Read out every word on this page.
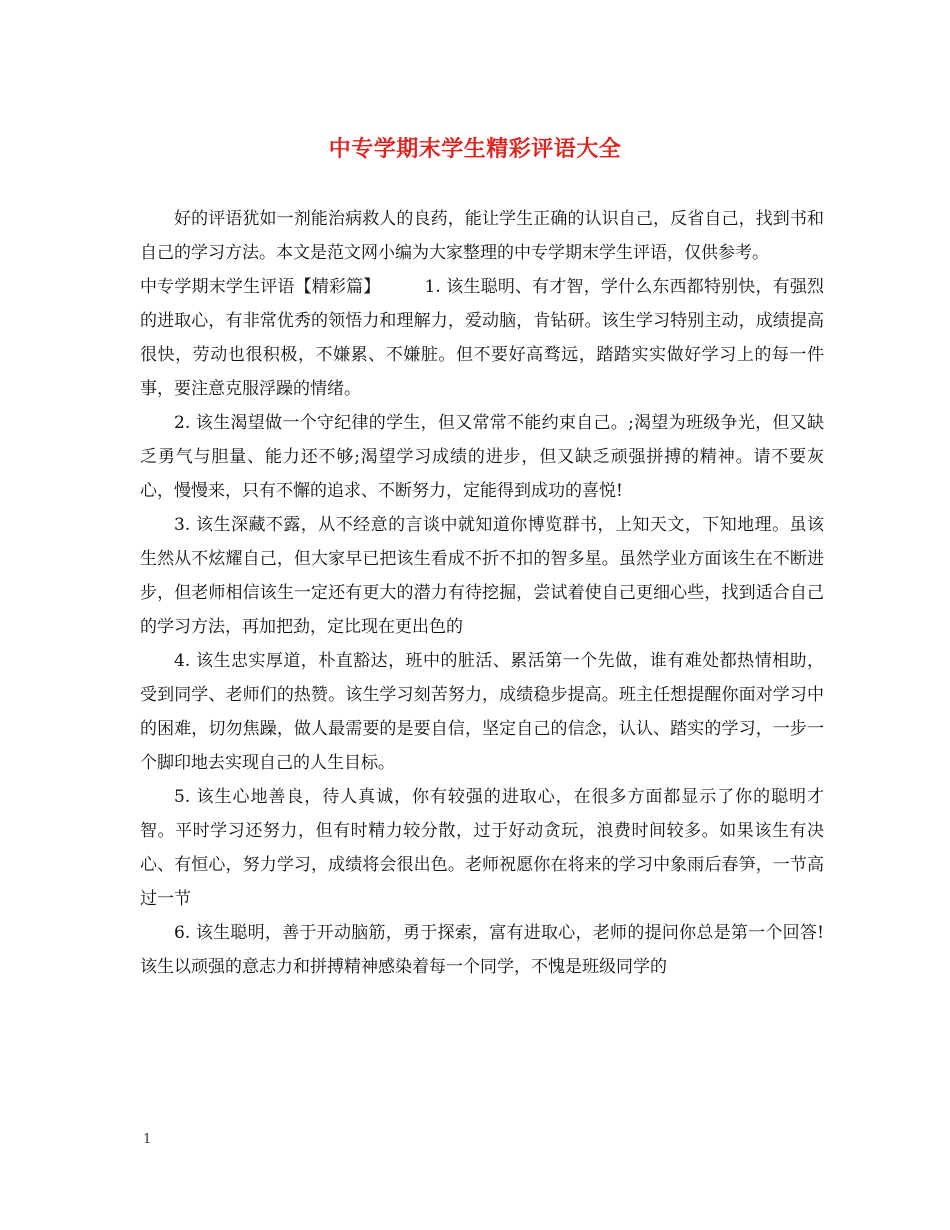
中专学期末学生精彩评语大全

好的评语犹如一剂能治病救人的良药，能让学生正确的认识自己，反省自己，找到书和自己的学习方法。本文是范文网小编为大家整理的中专学期末学生评语，仅供参考。

中专学期末学生评语【精彩篇】	1. 该生聪明、有才智，学什么东西都特别快，有强烈的进取心，有非常优秀的领悟力和理解力，爱动脑，肯钻研。该生学习特别主动，成绩提高很快，劳动也很积极，不嫌累、不嫌脏。但不要好高骛远，踏踏实实做好学习上的每一件事，要注意克服浮躁的情绪。

2. 该生渴望做一个守纪律的学生，但又常常不能约束自己。;渴望为班级争光，但又缺乏勇气与胆量、能力还不够;渴望学习成绩的进步，但又缺乏顽强拼搏的精神。请不要灰心，慢慢来，只有不懈的追求、不断努力，定能得到成功的喜悦!

3. 该生深藏不露，从不经意的言谈中就知道你博览群书，上知天文，下知地理。虽该生然从不炫耀自己，但大家早已把该生看成不折不扣的智多星。虽然学业方面该生在不断进步，但老师相信该生一定还有更大的潜力有待挖掘，尝试着使自己更细心些，找到适合自己的学习方法，再加把劲，定比现在更出色的

4. 该生忠实厚道，朴直豁达，班中的脏活、累活第一个先做，谁有难处都热情相助， 受到同学、老师们的热赞。该生学习刻苦努力，成绩稳步提高。班主任想提醒你面对学习中的困难，切勿焦躁，做人最需要的是要自信，坚定自己的信念，认认、踏实的学习，一步一个脚印地去实现自己的人生目标。

5. 该生心地善良，待人真诚，你有较强的进取心，在很多方面都显示了你的聪明才智。平时学习还努力，但有时精力较分散，过于好动贪玩，浪费时间较多。如果该生有决心、有恒心，努力学习，成绩将会很出色。老师祝愿你在将来的学习中象雨后春笋，一节高过一节

6. 该生聪明，善于开动脑筋，勇于探索，富有进取心，老师的提问你总是第一个回答!该生以顽强的意志力和拼搏精神感染着每一个同学，不愧是班级同学的

1
